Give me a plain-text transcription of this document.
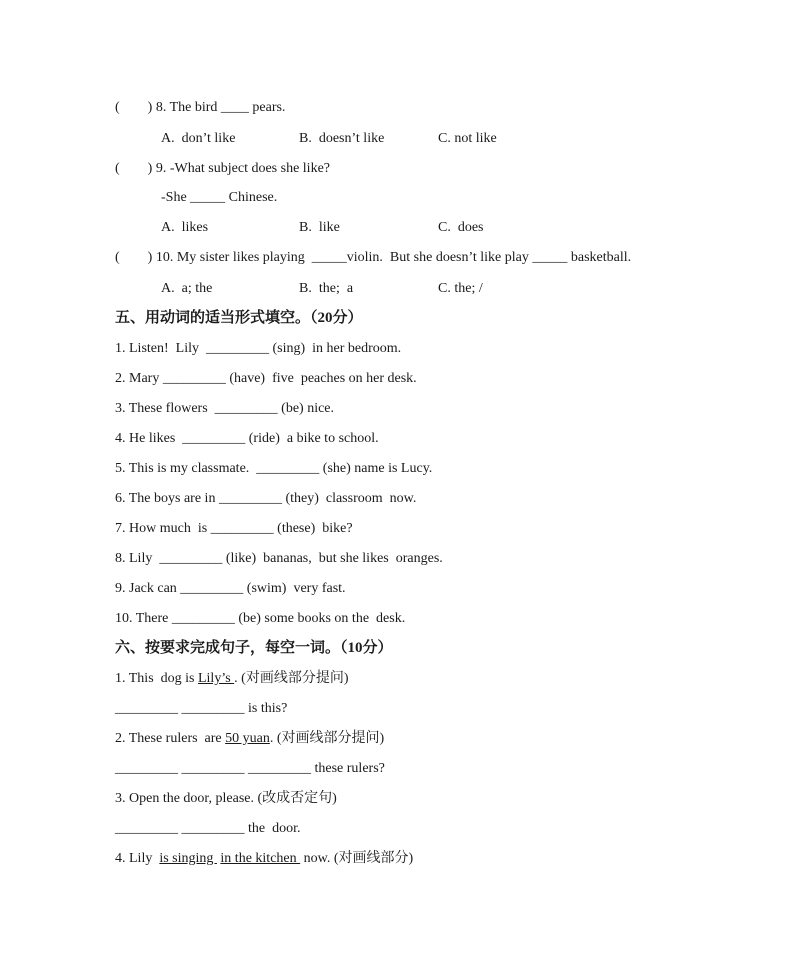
(        ) 8. The bird ____ pears.
A.  don’t like	B.  doesn’t like	C. not like
(        ) 9. -What subject does she like?
-She _____ Chinese.
A.  likes	B.  like	C.  does
(        ) 10. My sister likes playing  _____violin.  But she doesn’t like play _____ basketball.
A.  a; the	B.  the;  a	C. the; /
五、用动词的适当形式填空。（20分）
1. Listen!  Lily  _________ (sing)  in her bedroom.
2. Mary _________ (have)  five  peaches on her desk.
3. These flowers  _________ (be) nice.
4. He likes  _________ (ride)  a bike to school.
5. This is my classmate.  _________ (she) name is Lucy.
6. The boys are in _________ (they)  classroom  now.
7. How much  is _________ (these)  bike?
8. Lily  _________ (like)  bananas,  but she likes  oranges.
9. Jack can _________ (swim)  very fast.
10. There _________ (be) some books on the  desk.
六、按要求完成句子，每空一词。（10分）
1. This  dog is Lily’s . (对画线部分提问)
_________ _________ is this?
2. These rulers  are 50 yuan. (对画线部分提问)
_________ _________ _________ these rulers?
3. Open the door, please. (改成否定句)
_________ _________ the  door.
4. Lily  is singing  in the kitchen  now. (对画线部分)
